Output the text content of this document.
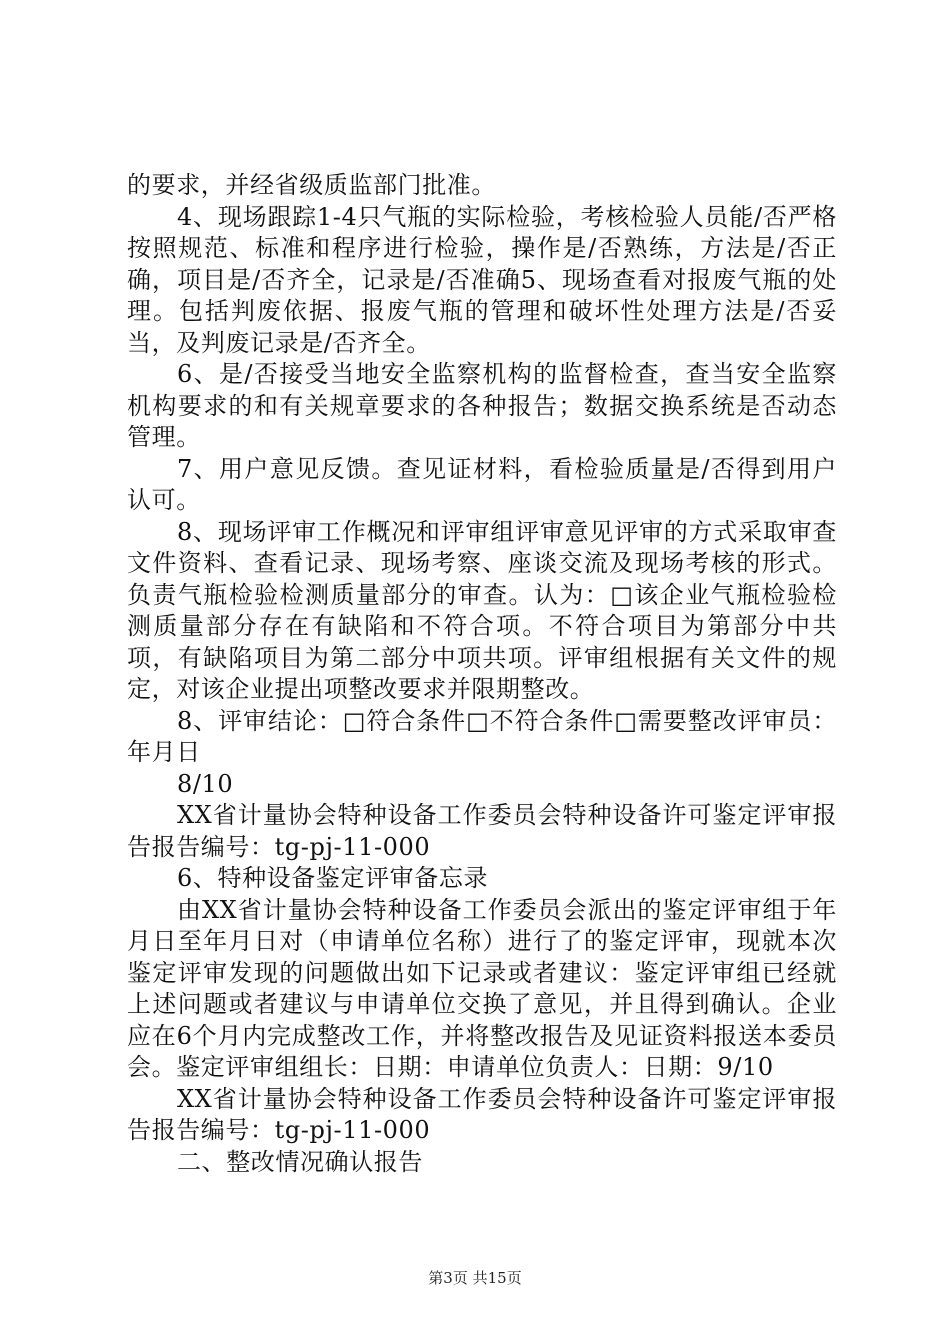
的要求，并经省级质监部门批准。

4、现场跟踪1-4只气瓶的实际检验，考核检验人员能/否严格按照规范、标准和程序进行检验，操作是/否熟练，方法是/否正确，项目是/否齐全，记录是/否准确5、现场查看对报废气瓶的处理。包括判废依据、报废气瓶的管理和破坏性处理方法是/否妥当，及判废记录是/否齐全。

6、是/否接受当地安全监察机构的监督检查，查当安全监察机构要求的和有关规章要求的各种报告；数据交换系统是否动态管理。

7、用户意见反馈。查见证材料，看检验质量是/否得到用户认可。

8、现场评审工作概况和评审组评审意见评审的方式采取审查文件资料、查看记录、现场考察、座谈交流及现场考核的形式。负责气瓶检验检测质量部分的审查。认为：□该企业气瓶检验检测质量部分存在有缺陷和不符合项。不符合项目为第部分中共项，有缺陷项目为第二部分中项共项。评审组根据有关文件的规定，对该企业提出项整改要求并限期整改。

8、评审结论：□符合条件□不符合条件□需要整改评审员：年月日

8/10

XX省计量协会特种设备工作委员会特种设备许可鉴定评审报告报告编号：tg-pj-11-000

6、特种设备鉴定评审备忘录

由XX省计量协会特种设备工作委员会派出的鉴定评审组于年月日至年月日对（申请单位名称）进行了的鉴定评审，现就本次鉴定评审发现的问题做出如下记录或者建议：鉴定评审组已经就上述问题或者建议与申请单位交换了意见，并且得到确认。企业应在6个月内完成整改工作，并将整改报告及见证资料报送本委员会。鉴定评审组组长：日期：申请单位负责人：日期：9/10

XX省计量协会特种设备工作委员会特种设备许可鉴定评审报告报告编号：tg-pj-11-000

二、整改情况确认报告

第3页 共15页
